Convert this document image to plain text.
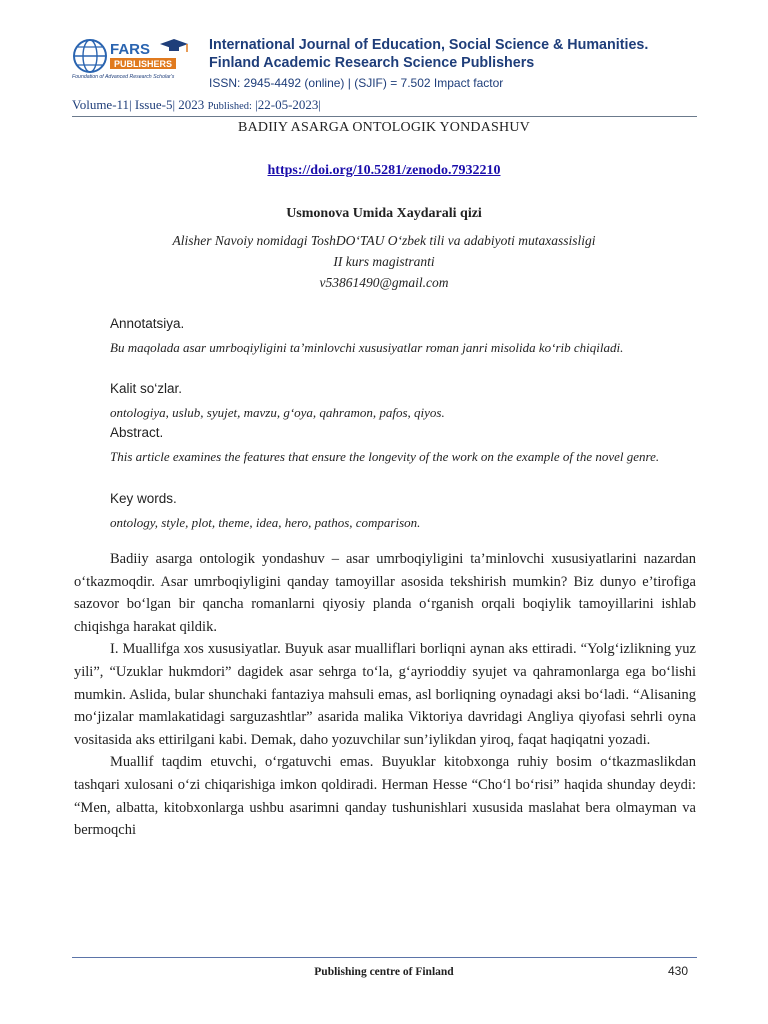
FARS
PUBLISHERS
Foundation of Advanced Research Scholar's
International Journal of Education, Social Science & Humanities.
Finland Academic Research Science Publishers
ISSN: 2945-4492 (online) | (SJIF) = 7.502 Impact factor
Volume-11| Issue-5| 2023 Published: |22-05-2023|
BADIIY ASARGA ONTOLOGIK YONDASHUV
https://doi.org/10.5281/zenodo.7932210
Usmonova Umida Xaydarali qizi
Alisher Navoiy nomidagi ToshDO‘TAU O‘zbek tili va adabiyoti mutaxassisligi
II kurs magistranti
v53861490@gmail.com
Annotatsiya.
Bu maqolada asar umrboqiyligini ta’minlovchi xususiyatlar roman janri misolida ko‘rib chiqiladi.
Kalit so‘zlar.
ontologiya, uslub, syujet, mavzu, g‘oya, qahramon, pafos, qiyos.
Abstract.
This article examines the features that ensure the longevity of the work on the example of the novel genre.
Key words.
ontology, style, plot, theme, idea, hero, pathos, comparison.

Badiiy asarga ontologik yondashuv – asar umrboqiyligini ta’minlovchi xususiyatlarini nazardan o‘tkazmoqdir. Asar umrboqiyligini qanday tamoyillar asosida tekshirish mumkin? Biz dunyo e’tirofiga sazovor bo‘lgan bir qancha romanlarni qiyosiy planda o‘rganish orqali boqiylik tamoyillarini ishlab chiqishga harakat qildik.

I. Muallifga xos xususiyatlar. Buyuk asar mualliflari borliqni aynan aks ettiradi. “Yolg‘izlikning yuz yili”, “Uzuklar hukmdori” dagidek asar sehrga to‘la, g‘ayrioddiy syujet va qahramonlarga ega bo‘lishi mumkin. Aslida, bular shunchaki fantaziya mahsuli emas, asl borliqning oynadagi aksi bo‘ladi. “Alisaning mo‘jizalar mamlakatidagi sarguzashtlar” asarida malika Viktoriya davridagi Angliya qiyofasi sehrli oyna vositasida aks ettirilgani kabi. Demak, daho yozuvchilar sun’iylikdan yiroq, faqat haqiqatni yozadi.

Muallif taqdim etuvchi, o‘rgatuvchi emas. Buyuklar kitobxonga ruhiy bosim o‘tkazmaslikdan tashqari xulosani o‘zi chiqarishiga imkon qoldiradi. Herman Hesse “Cho‘l bo‘risi” haqida shunday deydi: “Men, albatta, kitobxonlarga ushbu asarimni qanday tushunishlari xususida maslahat bera olmayman va bermoqchi

Publishing centre of Finland	430
